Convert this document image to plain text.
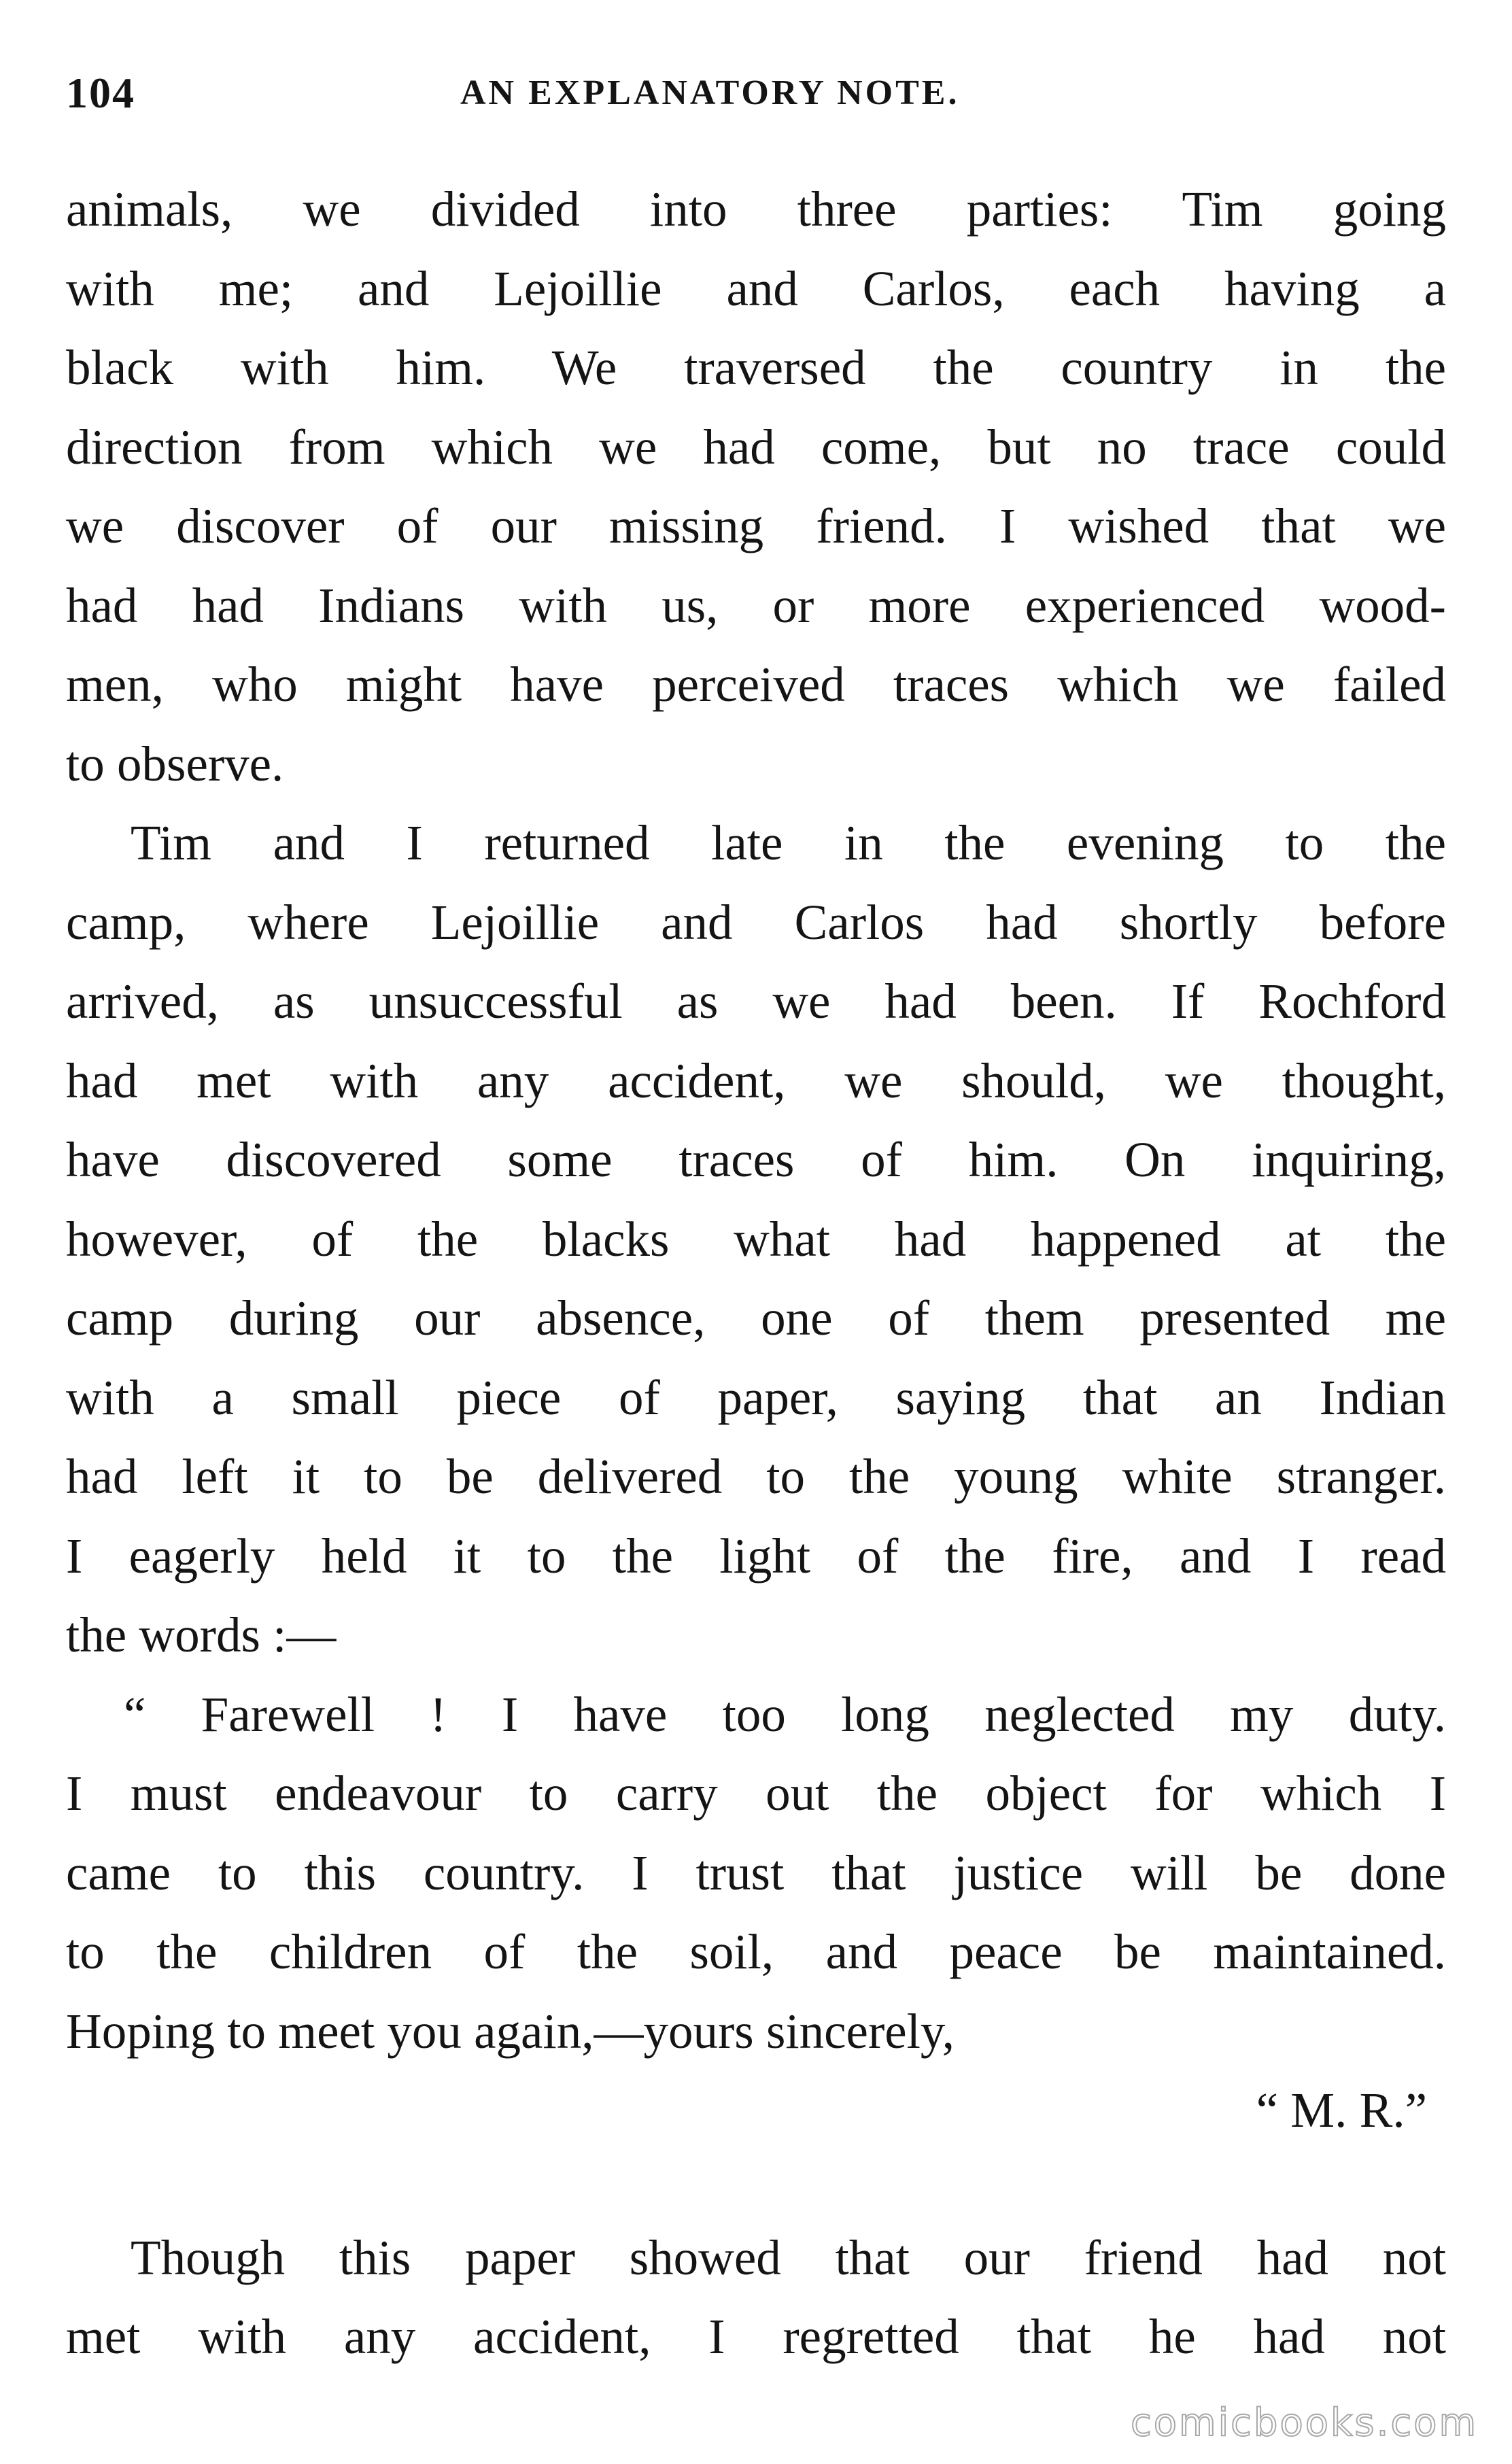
104	AN EXPLANATORY NOTE.
animals, we divided into three parties: Tim going
with me; and Lejoillie and Carlos, each having a
black with him. We traversed the country in the
direction from which we had come, but no trace could
we discover of our missing friend. I wished that we
had had Indians with us, or more experienced wood-
men, who might have perceived traces which we failed
to observe.
Tim and I returned late in the evening to the
camp, where Lejoillie and Carlos had shortly before
arrived, as unsuccessful as we had been. If Rochford
had met with any accident, we should, we thought,
have discovered some traces of him. On inquiring,
however, of the blacks what had happened at the
camp during our absence, one of them presented me
with a small piece of paper, saying that an Indian
had left it to be delivered to the young white stranger.
I eagerly held it to the light of the fire, and I read
the words :—
“ Farewell ! I have too long neglected my duty.
I must endeavour to carry out the object for which I
came to this country. I trust that justice will be done
to the children of the soil, and peace be maintained.
Hoping to meet you again,—yours sincerely,
“ M. R.”
Though this paper showed that our friend had not
met with any accident, I regretted that he had not
comicbooks.com
